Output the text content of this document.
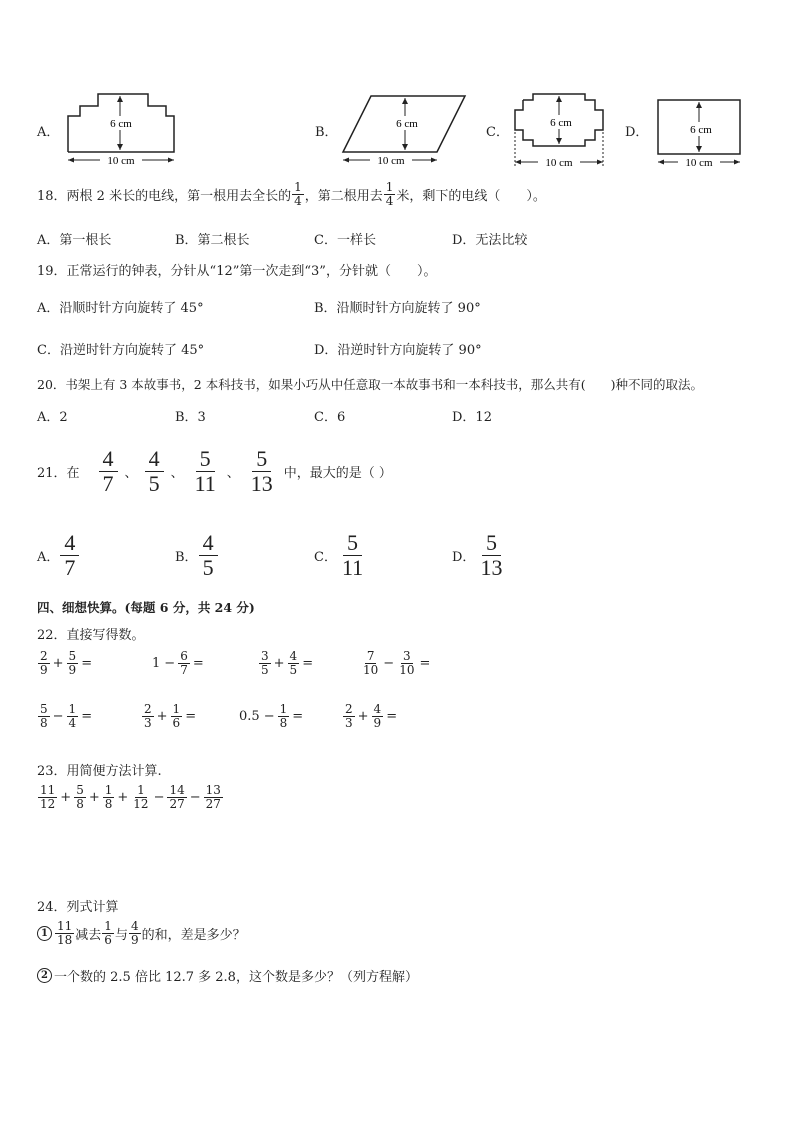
A．
6 cm
10 cm
B．
6 cm
10 cm
C．
6 cm
10 cm
D．	6 cm
10 cm
18． 两根 2 米长的电线，第一根用去全长的 $\frac{1}{4}$ ，第二根用去 $\frac{1}{4}$ 米，剩下的电线（　　）。
A．第一根长	B．第二根长	C．一样长	D．无法比较
19．正常运行的钟表，分针从“12”第一次走到“3”，分针就（　　）。
A．沿顺时针方向旋转了 45°	B．沿顺时针方向旋转了 90°
C．沿逆时针方向旋转了 45°	D．沿逆时针方向旋转了 90°
20．书架上有 3 本故事书，2 本科技书，如果小巧从中任意取一本故事书和一本科技书，那么共有(　　)种不同的取法。
A．2	B．3	C．6	D．12
21．在 $\frac{4}{7}$ 、 $\frac{4}{5}$ 、 $\frac{5}{11}$ 、 $\frac{5}{13}$ 中，最大的是（ ）
A． $\frac{4}{7}$	B． $\frac{4}{5}$	C． $\frac{5}{11}$	D． $\frac{5}{13}$
四、细想快算。(每题 6 分，共 24 分)
22．直接写得数。
$\frac{2}{9} + \frac{5}{9}$ =	$1 - \frac{6}{7}$ =	$\frac{3}{5} + \frac{4}{5}$ =	$\frac{7}{10} - \frac{3}{10}$ =
$\frac{5}{8} - \frac{1}{4}$ =	$\frac{2}{3} + \frac{1}{6}$ =	$0.5 - \frac{1}{8}$ =	$\frac{2}{3} + \frac{4}{9}$ =
23．用简便方法计算.
$\frac{11}{12} + \frac{5}{8} + \frac{1}{8} + \frac{1}{12} - \frac{14}{27} - \frac{13}{27}$
24．列式计算
$1 \frac{11}{18}$ 减去 $\frac{1}{6}$ 与 $\frac{4}{9}$ 的和，差是多少？
2 一个数的 2.5 倍比 12.7 多 2.8，这个数是多少？（列方程解）
